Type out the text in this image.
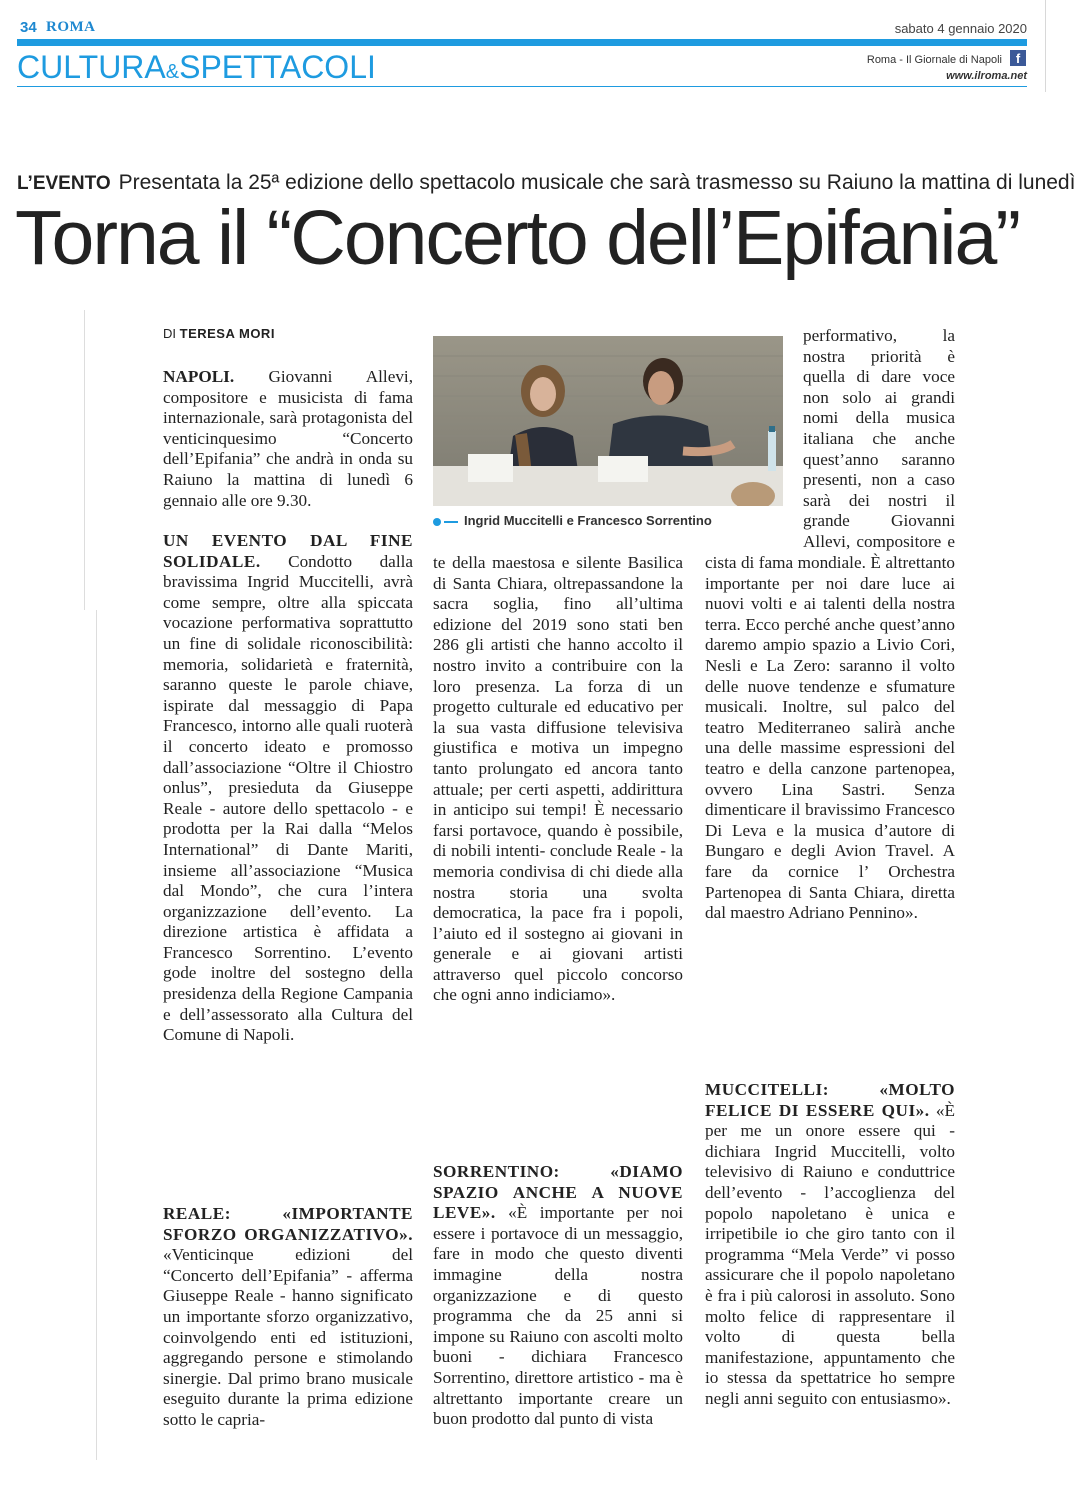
34 ROMA	sabato 4 gennaio 2020
CULTURA&SPETTACOLI	Roma - Il Giornale di Napoli	f
www.ilroma.net
L’EVENTO Presentata la 25ª edizione dello spettacolo musicale che sarà trasmesso su Raiuno la mattina di lunedì
Torna il “Concerto dell’Epifania”
DI TERESA MORI
Ingrid Muccitelli e Francesco Sorrentino

NAPOLI. Giovanni Allevi, compositore e musicista di fama internazionale, sarà protagonista del venticinquesimo “Concerto dell’Epifania” che andrà in onda su Raiuno la mattina di lunedì 6 gennaio alle ore 9.30.

UN EVENTO DAL FINE SOLIDALE. Condotto dalla bravissima Ingrid Muccitelli, avrà come sempre, oltre alla spiccata vocazione performativa soprattutto un fine di solidale riconoscibilità: memoria, solidarietà e fraternità, saranno queste le parole chiave, ispirate dal messaggio di Papa Francesco, intorno alle quali ruoterà il concerto ideato e promosso dall’associazione “Oltre il Chiostro onlus”, presieduta da Giuseppe Reale - autore dello spettacolo - e prodotta per la Rai dalla “Melos International” di Dante Mariti, insieme all’associazione “Musica dal Mondo”, che cura l’intera organizzazione dell’evento. La direzione artistica è affidata a Francesco Sorrentino. L’evento gode inoltre del sostegno della presidenza della Regione Campania e dell’assessorato alla Cultura del Comune di Napoli.

REALE: «IMPORTANTE SFORZO ORGANIZZATIVO». «Venticinque edizioni del “Concerto dell’Epifania” - afferma Giuseppe Reale - hanno significato un importante sforzo organizzativo, coinvolgendo enti ed istituzioni, aggregando persone e stimolando sinergie. Dal primo brano musicale eseguito durante la prima edizione sotto le capria-

te della maestosa e silente Basilica di Santa Chiara, oltrepassandone la sacra soglia, fino all’ultima edizione del 2019 sono stati ben 286 gli artisti che hanno accolto il nostro invito a contribuire con la loro presenza. La forza di un progetto culturale ed educativo per la sua vasta diffusione televisiva giustifica e motiva un impegno tanto prolungato ed ancora tanto attuale; per certi aspetti, addirittura in anticipo sui tempi! È necessario farsi portavoce, quando è possibile, di nobili intenti- conclude Reale - la memoria condivisa di chi diede alla nostra storia una svolta democratica, la pace fra i popoli, l’aiuto ed il sostegno ai giovani in generale e ai giovani artisti attraverso quel piccolo concorso che ogni anno indiciamo».

SORRENTINO: «DIAMO SPAZIO ANCHE A NUOVE LEVE». «È importante per noi essere i portavoce di un messaggio, fare in modo che questo diventi immagine della nostra organizzazione e di questo programma che da 25 anni si impone su Raiuno con ascolti molto buoni - dichiara Francesco Sorrentino, direttore artistico - ma è altrettanto importante creare un buon prodotto dal punto di vista

performativo, la nostra priorità è quella di dare voce non solo ai grandi nomi della musica italiana che anche quest’anno saranno presenti, non a caso sarà dei nostri il grande Giovanni Allevi, compositore e

cista di fama mondiale. È altrettanto importante per noi dare luce ai nuovi volti e ai talenti della nostra terra. Ecco perché anche quest’anno daremo ampio spazio a Livio Cori, Nesli e La Zero: saranno il volto delle nuove tendenze e sfumature musicali. Inoltre, sul palco del teatro Mediterraneo salirà anche una delle massime espressioni del teatro e della canzone partenopea, ovvero Lina Sastri. Senza dimenticare il bravissimo Francesco Di Leva e la musica d’autore di Bungaro e degli Avion Travel. A fare da cornice l’ Orchestra Partenopea di Santa Chiara, diretta dal maestro Adriano Pennino».

MUCCITELLI: «MOLTO FELICE DI ESSERE QUI». «È per me un onore essere qui - dichiara Ingrid Muccitelli, volto televisivo di Raiuno e conduttrice dell’evento - l’accoglienza del popolo napoletano è unica e irripetibile io che giro tanto con il programma “Mela Verde” vi posso assicurare che il popolo napoletano è fra i più calorosi in assoluto. Sono molto felice di rappresentare il volto di questa bella manifestazione, appuntamento che io stessa da spettatrice ho sempre negli anni seguito con entusiasmo».
